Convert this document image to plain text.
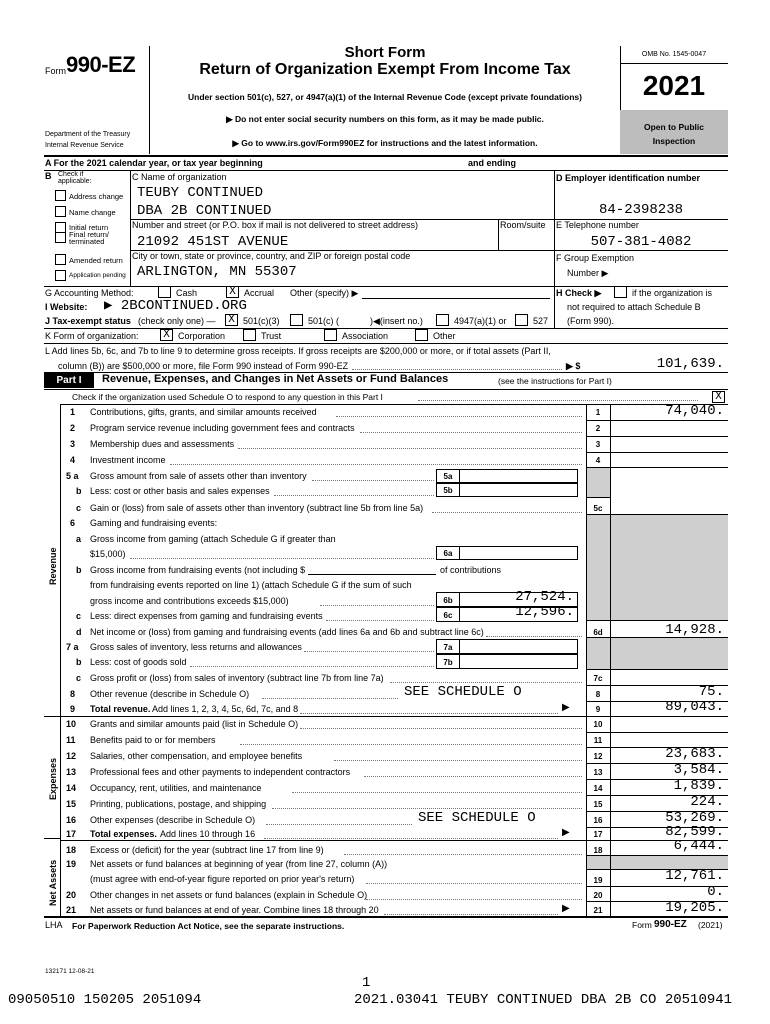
Form 990-EZ	Short Form
Return of Organization Exempt From Income Tax
Under section 501(c), 527, or 4947(a)(1) of the Internal Revenue Code (except private foundations)
▶ Do not enter social security numbers on this form, as it may be made public.
▶ Go to www.irs.gov/Form990EZ for instructions and the latest information.
Department of the Treasury
Internal Revenue Service
OMB No. 1545-0047
2021
Open to Public
Inspection
A For the 2021 calendar year, or tax year beginning	and ending
B Check if applicable:
Address change
Name change
Initial return
Final return/ terminated
Amended return
Application pending
C Name of organization
TEUBY CONTINUED
DBA 2B CONTINUED
Number and street (or P.O. box if mail is not delivered to street address)	Room/suite
21092 451ST AVENUE
City or town, state or province, country, and ZIP or foreign postal code
ARLINGTON, MN 55307
D Employer identification number
84-2398238
E Telephone number
507-381-4082
F Group Exemption
Number ▶
G Accounting Method:	Cash	X Accrual Other (specify) ▶	H Check ▶	if the organization is
not required to attach Schedule B
(Form 990).
I Website: ▶ 2BCONTINUED.ORG
J Tax-exempt status (check only one) — X 501(c)(3)	501(c) (	)◀(insert no.)	4947(a)(1) or	527
K Form of organization: X Corporation	Trust	Association	Other
L Add lines 5b, 6c, and 7b to line 9 to determine gross receipts. If gross receipts are $200,000 or more, or if total assets (Part II,
column (B)) are $500,000 or more, file Form 990 instead of Form 990-EZ	▶ $	101,639.
Part I	Revenue, Expenses, and Changes in Net Assets or Fund Balances	(see the instructions for Part I)
Check if the organization used Schedule O to respond to any question in this Part I	X
Revenue
Expenses
Net Assets
1 Contributions, gifts, grants, and similar amounts received	1	74,040.
2 Program service revenue including government fees and contracts	2
3 Membership dues and assessments	3
4 Investment income	4
5 a Gross amount from sale of assets other than inventory	5a
b Less: cost or other basis and sales expenses	5b
c Gain or (loss) from sale of assets other than inventory (subtract line 5b from line 5a)	5c
6 Gaming and fundraising events:
a Gross income from gaming (attach Schedule G if greater than
$15,000)	6a
b Gross income from fundraising events (not including $	of contributions
from fundraising events reported on line 1) (attach Schedule G if the sum of such
gross income and contributions exceeds $15,000)	6b	27,524.
c Less: direct expenses from gaming and fundraising events	6c	12,596.
d Net income or (loss) from gaming and fundraising events (add lines 6a and 6b and subtract line 6c)	6d	14,928.
7 a Gross sales of inventory, less returns and allowances	7a
b Less: cost of goods sold	7b
c Gross profit or (loss) from sales of inventory (subtract line 7b from line 7a)	7c
8 Other revenue (describe in Schedule O)	SEE SCHEDULE O	8	75.
9 Total revenue. Add lines 1, 2, 3, 4, 5c, 6d, 7c, and 8	▶	9	89,043.
10 Grants and similar amounts paid (list in Schedule O)	10
11 Benefits paid to or for members	11
12 Salaries, other compensation, and employee benefits	12	23,683.
13 Professional fees and other payments to independent contractors	13	3,584.
14 Occupancy, rent, utilities, and maintenance	14	1,839.
15 Printing, publications, postage, and shipping	15	224.
16 Other expenses (describe in Schedule O)	SEE SCHEDULE O	16	53,269.
17 Total expenses. Add lines 10 through 16	▶	17	82,599.
18 Excess or (deficit) for the year (subtract line 17 from line 9)	18	6,444.
19 Net assets or fund balances at beginning of year (from line 27, column (A))
(must agree with end-of-year figure reported on prior year's return)	19	12,761.
20 Other changes in net assets or fund balances (explain in Schedule O)	20	0.
21 Net assets or fund balances at end of year. Combine lines 18 through 20	▶	21	19,205.
LHA For Paperwork Reduction Act Notice, see the separate instructions.	Form 990-EZ (2021)
132171 12-08-21
1
09050510 150205 2051094	2021.03041 TEUBY CONTINUED DBA 2B CO 20510941
